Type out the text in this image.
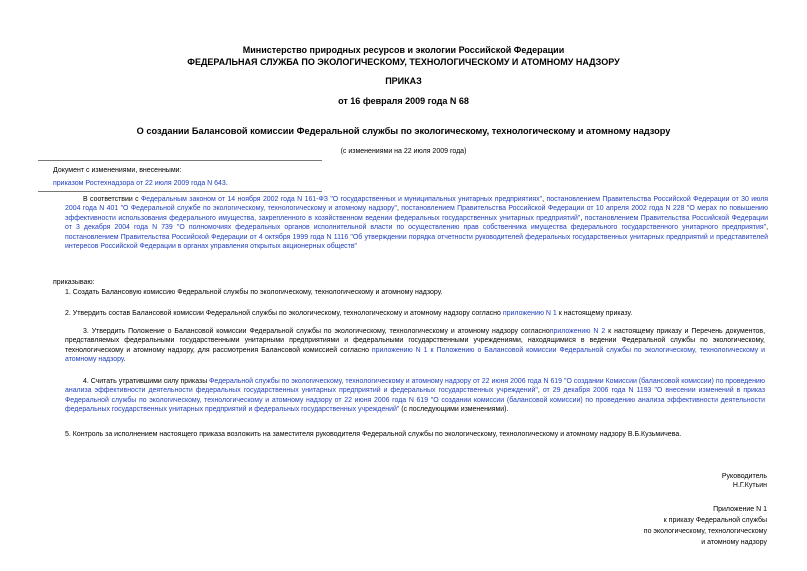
Министерство природных ресурсов и экологии Российской Федерации
ФЕДЕРАЛЬНАЯ СЛУЖБА ПО ЭКОЛОГИЧЕСКОМУ, ТЕХНОЛОГИЧЕСКОМУ И АТОМНОМУ НАДЗОРУ
ПРИКАЗ
от 16 февраля 2009 года N 68
О создании Балансовой комиссии Федеральной службы по экологическому, технологическому и атомному надзору
(с изменениями на 22 июля 2009 года)
Документ с изменениями, внесенными:
приказом Ростехнадзора от 22 июля 2009 года N 643.
В соответствии с Федеральным законом от 14 ноября 2002 года N 161-ФЗ "О государственных и муниципальных унитарных предприятиях", постановлением Правительства Российской Федерации от 30 июля 2004 года N 401 "О Федеральной службе по экологическому, технологическому и атомному надзору", постановлением Правительства Российской Федерации от 10 апреля 2002 года N 228 "О мерах по повышению эффективности использования федерального имущества, закрепленного в хозяйственном ведении федеральных государственных унитарных предприятий", постановлением Правительства Российской Федерации от 3 декабря 2004 года N 739 "О полномочиях федеральных органов исполнительной власти по осуществлению прав собственника имущества федерального государственного унитарного предприятия", постановлением Правительства Российской Федерации от 4 октября 1999 года N 1116 "Об утверждении порядка отчетности руководителей федеральных государственных унитарных предприятий и представителей интересов Российской Федерации в органах управления открытых акционерных обществ"
приказываю:
1. Создать Балансовую комиссию Федеральной службы по экологическому, технологическому и атомному надзору.
2. Утвердить состав Балансовой комиссии Федеральной службы по экологическому, технологическому и атомному надзору согласно приложению N 1 к настоящему приказу.
3. Утвердить Положение о Балансовой комиссии Федеральной службы по экологическому, технологическому и атомному надзору согласноприложению N 2 к настоящему приказу и Перечень документов, представляемых федеральными государственными унитарными предприятиями и федеральными государственными учреждениями, находящимися в ведении Федеральной службы по экологическому, технологическому и атомному надзору, для рассмотрения Балансовой комиссией согласно приложению N 1 к Положению о Балансовой комиссии Федеральной службы по экологическому, технологическому и атомному надзору.
4. Считать утратившими силу приказы Федеральной службы по экологическому, технологическому и атомному надзору от 22 июня 2006 года N 619 "О создании Комиссии (балансовой комиссии) по проведению анализа эффективности деятельности федеральных государственных унитарных предприятий и федеральных государственных учреждений", от 29 декабря 2006 года N 1193 "О внесении изменений в приказ Федеральной службы по экологическому, технологическому и атомному надзору от 22 июня 2006 года N 619 "О создании комиссии (балансовой комиссии) по проведению анализа эффективности деятельности федеральных государственных унитарных предприятий и федеральных государственных учреждений" (с последующими изменениями).
5. Контроль за исполнением настоящего приказа возложить на заместителя руководителя Федеральной службы по экологическому, технологическому и атомному надзору В.Б.Кузьмичева.
Руководитель
Н.Г.Кутьин
Приложение N 1
к приказу Федеральной службы
по экологическому, технологическому
и атомному надзору
